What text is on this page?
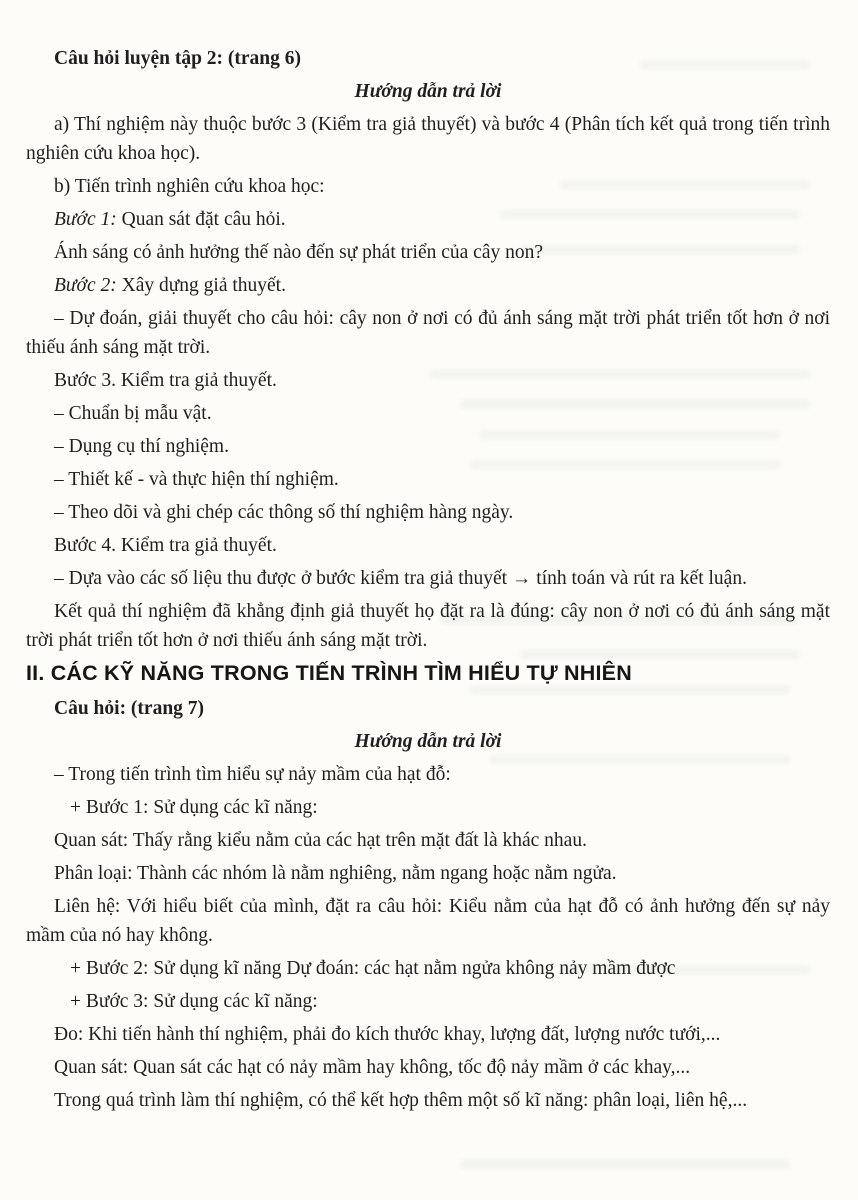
Câu hỏi luyện tập 2: (trang 6)

Hướng dẫn trả lời

a) Thí nghiệm này thuộc bước 3 (Kiểm tra giả thuyết) và bước 4 (Phân tích kết quả trong tiến trình nghiên cứu khoa học).

b) Tiến trình nghiên cứu khoa học:

Bước 1: Quan sát đặt câu hỏi.

Ánh sáng có ảnh hưởng thế nào đến sự phát triển của cây non?

Bước 2: Xây dựng giả thuyết.

– Dự đoán, giải thuyết cho câu hỏi: cây non ở nơi có đủ ánh sáng mặt trời phát triển tốt hơn ở nơi thiếu ánh sáng mặt trời.

Bước 3. Kiểm tra giả thuyết.

– Chuẩn bị mẫu vật.

– Dụng cụ thí nghiệm.

– Thiết kế - và thực hiện thí nghiệm.

– Theo dõi và ghi chép các thông số thí nghiệm hàng ngày.

Bước 4. Kiểm tra giả thuyết.

– Dựa vào các số liệu thu được ở bước kiểm tra giả thuyết → tính toán và rút ra kết luận.

Kết quả thí nghiệm đã khẳng định giả thuyết họ đặt ra là đúng: cây non ở nơi có đủ ánh sáng mặt trời phát triển tốt hơn ở nơi thiếu ánh sáng mặt trời.

II. CÁC KỸ NĂNG TRONG TIẾN TRÌNH TÌM HIỂU TỰ NHIÊN

Câu hỏi: (trang 7)

Hướng dẫn trả lời

– Trong tiến trình tìm hiểu sự nảy mầm của hạt đỗ:

+ Bước 1: Sử dụng các kĩ năng:

Quan sát: Thấy rằng kiểu nằm của các hạt trên mặt đất là khác nhau.

Phân loại: Thành các nhóm là nằm nghiêng, nằm ngang hoặc nằm ngửa.

Liên hệ: Với hiểu biết của mình, đặt ra câu hỏi: Kiểu nằm của hạt đỗ có ảnh hưởng đến sự nảy mầm của nó hay không.

+ Bước 2: Sử dụng kĩ năng Dự đoán: các hạt nằm ngửa không nảy mầm được

+ Bước 3: Sử dụng các kĩ năng:

Đo: Khi tiến hành thí nghiệm, phải đo kích thước khay, lượng đất, lượng nước tưới,...

Quan sát: Quan sát các hạt có nảy mầm hay không, tốc độ nảy mầm ở các khay,...

Trong quá trình làm thí nghiệm, có thể kết hợp thêm một số kĩ năng: phân loại, liên hệ,...
